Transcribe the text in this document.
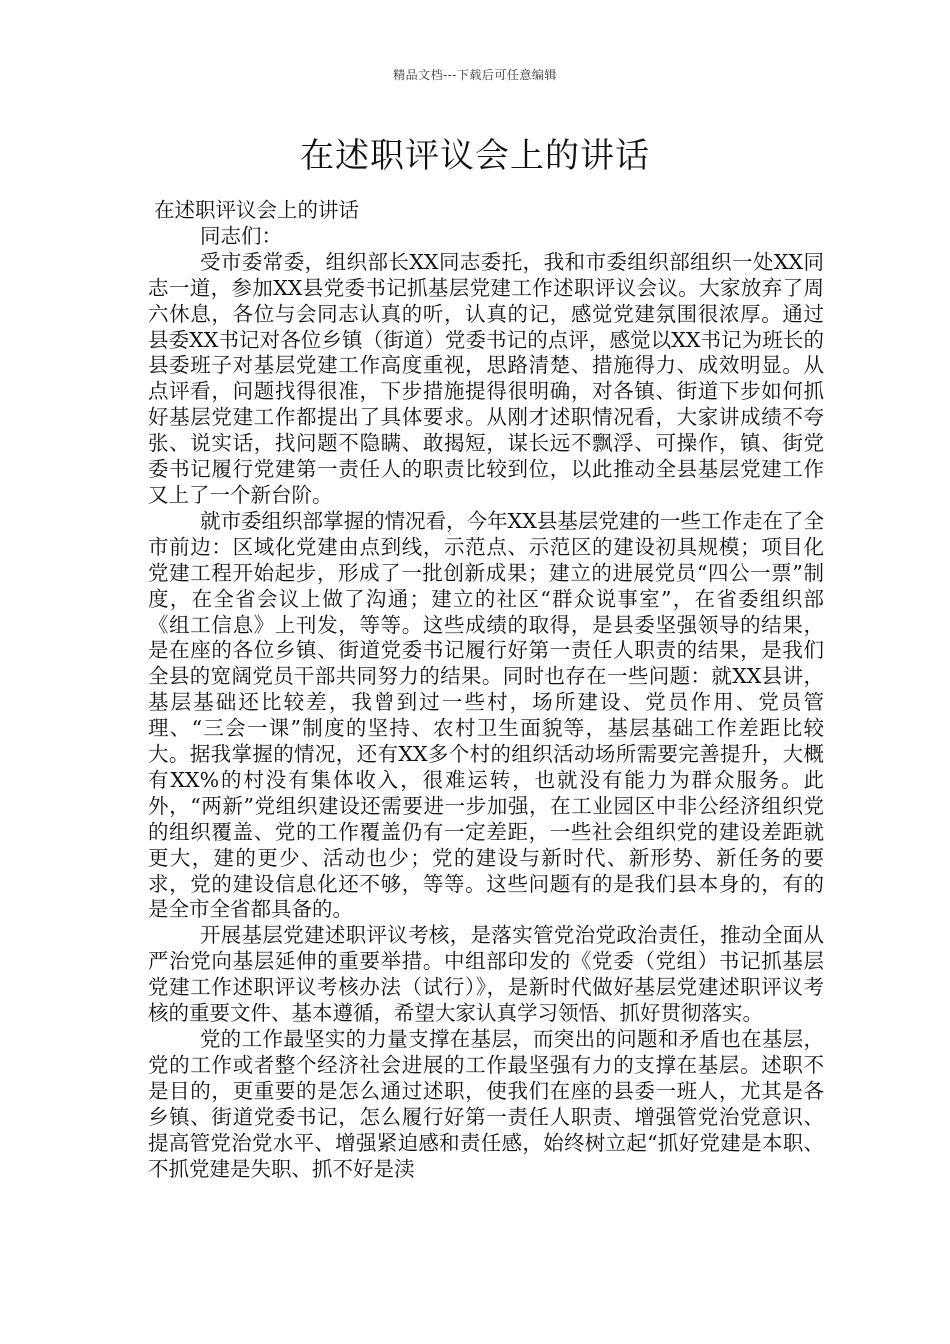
精品文档---下载后可任意编辑
在述职评议会上的讲话

在述职评议会上的讲话

同志们：

受市委常委，组织部长XX同志委托，我和市委组织部组织一处XX同志一道，参加XX县党委书记抓基层党建工作述职评议会议。大家放弃了周六休息，各位与会同志认真的听，认真的记，感觉党建氛围很浓厚。通过县委XX书记对各位乡镇（街道）党委书记的点评，感觉以XX书记为班长的县委班子对基层党建工作高度重视，思路清楚、措施得力、成效明显。从点评看，问题找得很准，下步措施提得很明确，对各镇、街道下步如何抓好基层党建工作都提出了具体要求。从刚才述职情况看，大家讲成绩不夸张、说实话，找问题不隐瞒、敢揭短，谋长远不飘浮、可操作，镇、街党委书记履行党建第一责任人的职责比较到位，以此推动全县基层党建工作又上了一个新台阶。

就市委组织部掌握的情况看，今年XX县基层党建的一些工作走在了全市前边：区域化党建由点到线，示范点、示范区的建设初具规模；项目化党建工程开始起步，形成了一批创新成果；建立的进展党员“四公一票”制度，在全省会议上做了沟通；建立的社区“群众说事室”，在省委组织部《组工信息》上刊发，等等。这些成绩的取得，是县委坚强领导的结果，是在座的各位乡镇、街道党委书记履行好第一责任人职责的结果，是我们全县的宽阔党员干部共同努力的结果。同时也存在一些问题：就XX县讲，基层基础还比较差，我曾到过一些村，场所建设、党员作用、党员管理、“三会一课”制度的坚持、农村卫生面貌等，基层基础工作差距比较大。据我掌握的情况，还有XX多个村的组织活动场所需要完善提升，大概有XX%的村没有集体收入，很难运转，也就没有能力为群众服务。此外，“两新”党组织建设还需要进一步加强，在工业园区中非公经济组织党的组织覆盖、党的工作覆盖仍有一定差距，一些社会组织党的建设差距就更大，建的更少、活动也少；党的建设与新时代、新形势、新任务的要求，党的建设信息化还不够，等等。这些问题有的是我们县本身的，有的是全市全省都具备的。

开展基层党建述职评议考核，是落实管党治党政治责任，推动全面从严治党向基层延伸的重要举措。中组部印发的《党委（党组）书记抓基层党建工作述职评议考核办法（试行）》，是新时代做好基层党建述职评议考核的重要文件、基本遵循，希望大家认真学习领悟、抓好贯彻落实。

党的工作最坚实的力量支撑在基层，而突出的问题和矛盾也在基层，党的工作或者整个经济社会进展的工作最坚强有力的支撑在基层。述职不是目的，更重要的是怎么通过述职，使我们在座的县委一班人，尤其是各乡镇、街道党委书记，怎么履行好第一责任人职责、增强管党治党意识、提高管党治党水平、增强紧迫感和责任感，始终树立起“抓好党建是本职、不抓党建是失职、抓不好是渎
